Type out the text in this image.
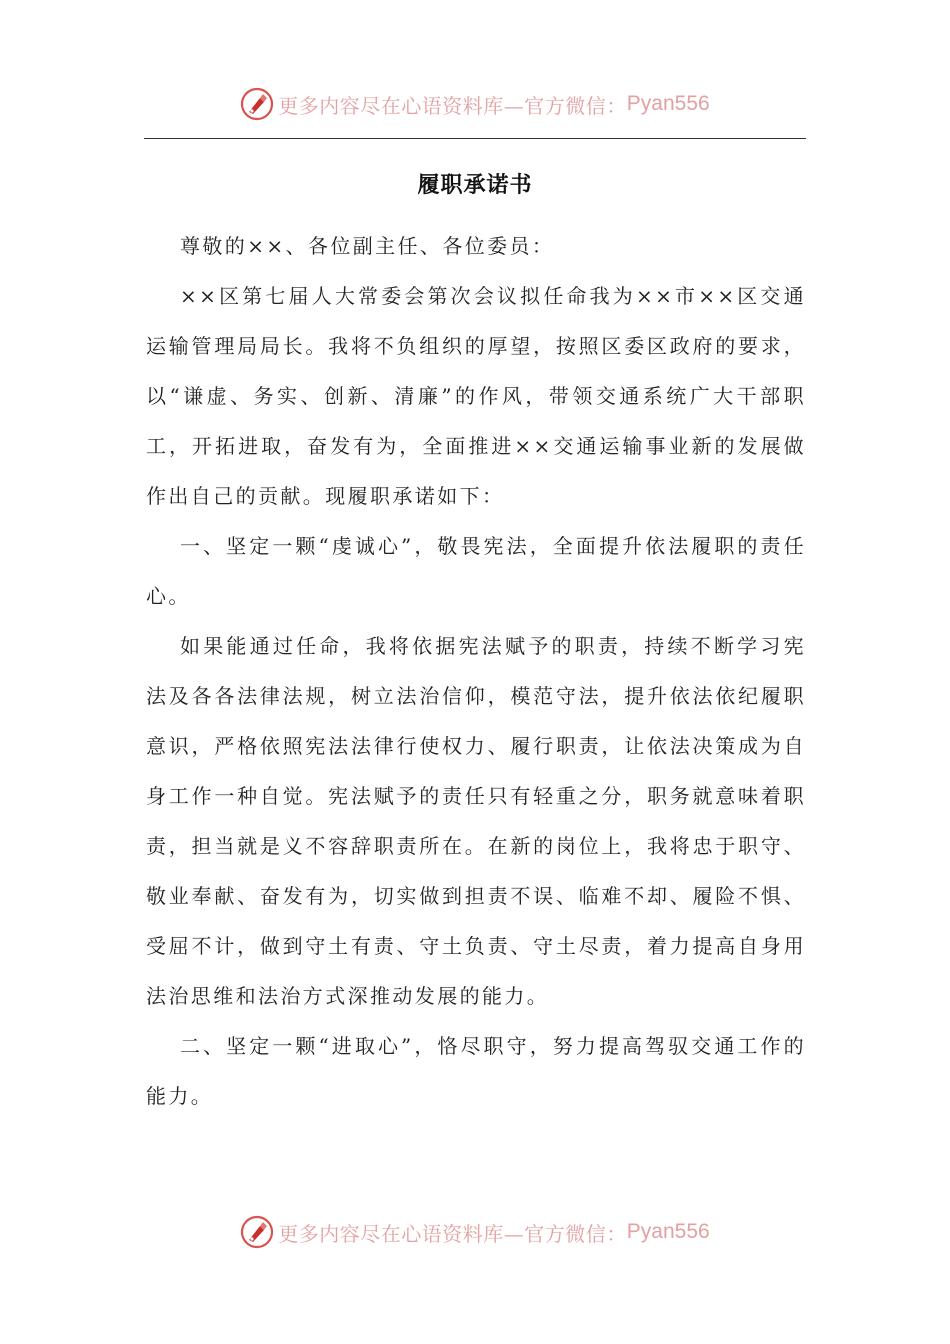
更多内容尽在心语资料库—官方微信： Pyan556
履职承诺书

尊敬的××、各位副主任、各位委员：

××区第七届人大常委会第次会议拟任命我为××市××区交通运输管理局局长。我将不负组织的厚望，按照区委区政府的要求，以“谦虚、务实、创新、清廉”的作风，带领交通系统广大干部职工，开拓进取，奋发有为，全面推进××交通运输事业新的发展做作出自己的贡献。现履职承诺如下：

一、坚定一颗“虔诚心”，敬畏宪法，全面提升依法履职的责任心。

如果能通过任命，我将依据宪法赋予的职责，持续不断学习宪法及各各法律法规，树立法治信仰，模范守法，提升依法依纪履职意识，严格依照宪法法律行使权力、履行职责，让依法决策成为自身工作一种自觉。宪法赋予的责任只有轻重之分，职务就意味着职责，担当就是义不容辞职责所在。在新的岗位上，我将忠于职守、敬业奉献、奋发有为，切实做到担责不误、临难不却、履险不惧、受屈不计，做到守土有责、守土负责、守土尽责，着力提高自身用法治思维和法治方式深推动发展的能力。

二、坚定一颗“进取心”，恪尽职守，努力提高驾驭交通工作的能力。

更多内容尽在心语资料库—官方微信： Pyan556
